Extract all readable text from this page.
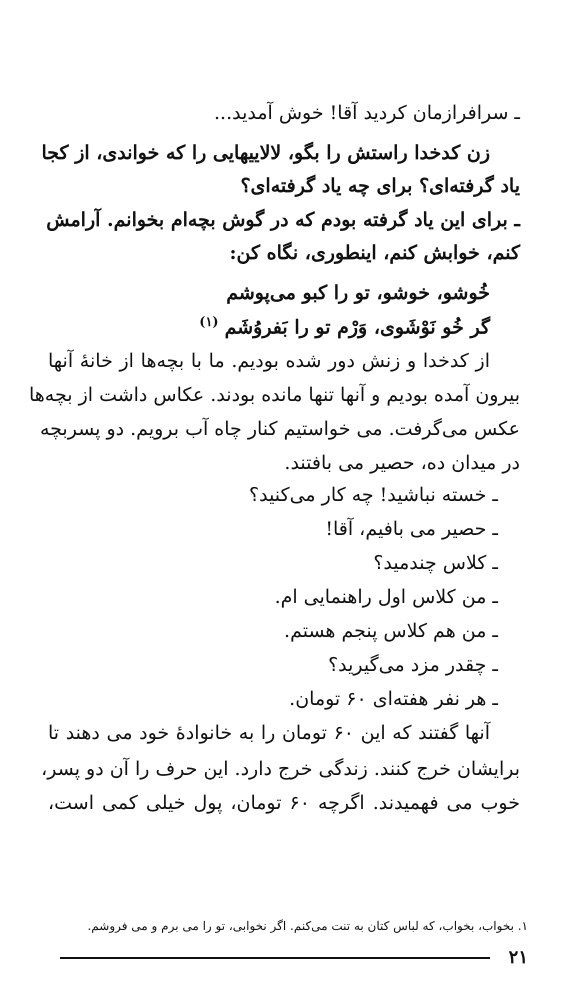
ـ سرافرازمان کردید آقا! خوش آمدید...
زن کدخدا راستش را بگو، لالاییهایی را که خواندی، از کجا
یاد گرفته‌ای؟ برای چه یاد گرفته‌ای؟
ـ برای این یاد گرفته بودم که در گوش بچه‌ام بخوانم. آرامش
کنم، خوابش کنم، اینطوری، نگاه کن:
خُوشو، خوشو، تو را کبو می‌پوشم
گر خُو نَوْشَوی، وَرْم تو را بَفروُشَم$^{(۱)}$
از کدخدا و زنش دور شده بودیم. ما با بچه‌ها از خانهٔ آنها
بیرون آمده بودیم و آنها تنها مانده بودند. عکاس داشت از بچه‌ها
عکس می‌گرفت. می خواستیم کنار چاه آب برویم. دو پسربچه
در میدان ده، حصیر می بافتند.
ـ خسته نباشید! چه کار می‌کنید؟
ـ حصیر می بافیم، آقا!
ـ کلاس چندمید؟
ـ من کلاس اول راهنمایی ام.
ـ من هم کلاس پنجم هستم.
ـ چقدر مزد می‌گیرید؟
ـ هر نفر هفته‌ای ۶۰ تومان.
آنها گفتند که این ۶۰ تومان را به خانوادهٔ خود می دهند تا
برایشان خرج کنند. زندگی خرج دارد. این حرف را آن دو پسر،
خوب می فهمیدند. اگرچه ۶۰ تومان، پول خیلی کمی است،
۱. بخواب، بخواب، که لباس کتان به تنت می‌کنم. اگر نخوابی، تو را می برم و می فروشم.
۲۱
